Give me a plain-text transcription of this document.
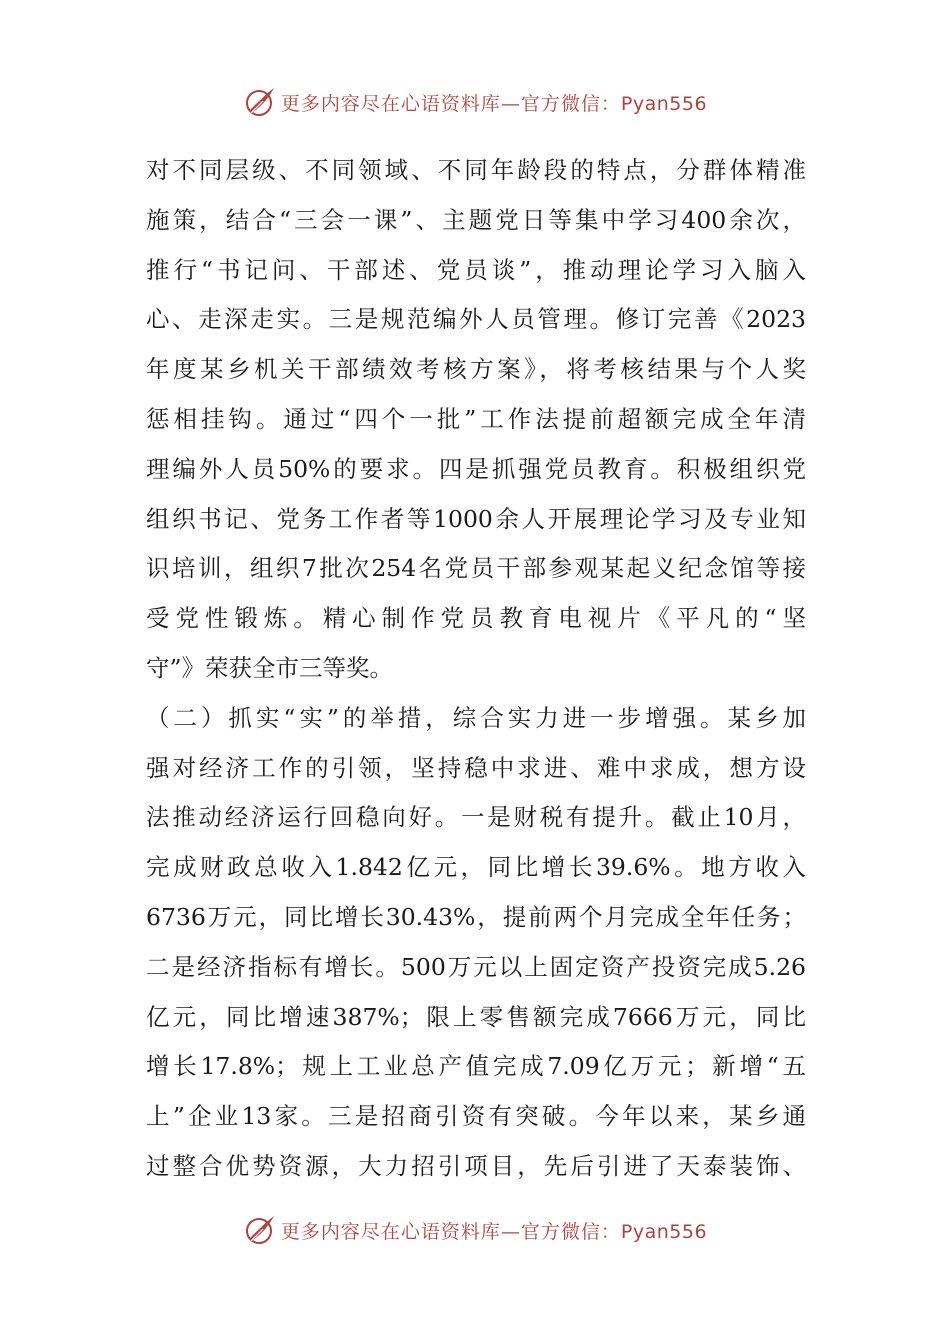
更多内容尽在心语资料库—官方微信：Pyan556
对不同层级、不同领域、不同年龄段的特点，分群体精准
施策，结合“三会一课”、主题党日等集中学习400余次，
推行“书记问、干部述、党员谈”，推动理论学习入脑入
心、走深走实。三是规范编外人员管理。修订完善《2023
年度某乡机关干部绩效考核方案》，将考核结果与个人奖
惩相挂钩。通过“四个一批”工作法提前超额完成全年清
理编外人员50%的要求。四是抓强党员教育。积极组织党
组织书记、党务工作者等1000余人开展理论学习及专业知
识培训，组织7批次254名党员干部参观某起义纪念馆等接
受党性锻炼。精心制作党员教育电视片《平凡的“坚
守”》荣获全市三等奖。
（二）抓实“实”的举措，综合实力进一步增强。某乡加
强对经济工作的引领，坚持稳中求进、难中求成，想方设
法推动经济运行回稳向好。一是财税有提升。截止10月，
完成财政总收入1.842亿元，同比增长39.6%。地方收入
6736万元，同比增长30.43%，提前两个月完成全年任务；
二是经济指标有增长。500万元以上固定资产投资完成5.26
亿元，同比增速387%；限上零售额完成7666万元，同比
增长17.8%；规上工业总产值完成7.09亿万元；新增“五
上”企业13家。三是招商引资有突破。今年以来，某乡通
过整合优势资源，大力招引项目，先后引进了天泰装饰、
更多内容尽在心语资料库—官方微信：Pyan556
